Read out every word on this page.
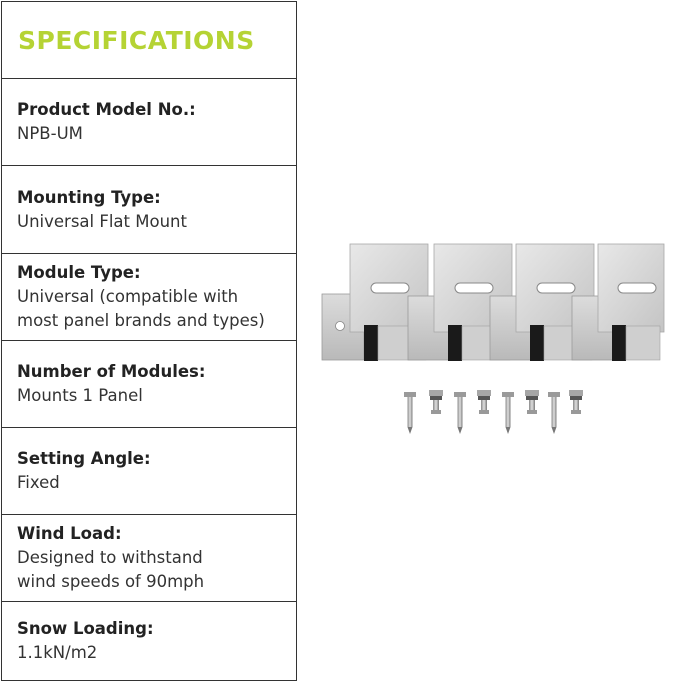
SPECIFICATIONS
Product Model No.:
NPB-UM
Mounting Type:
Universal Flat Mount
Module Type:
Universal (compatible with
most panel brands and types)
Number of Modules:
Mounts 1 Panel
Setting Angle:
Fixed
Wind Load:
Designed to withstand
wind speeds of 90mph
Snow Loading:
1.1kN/m2
